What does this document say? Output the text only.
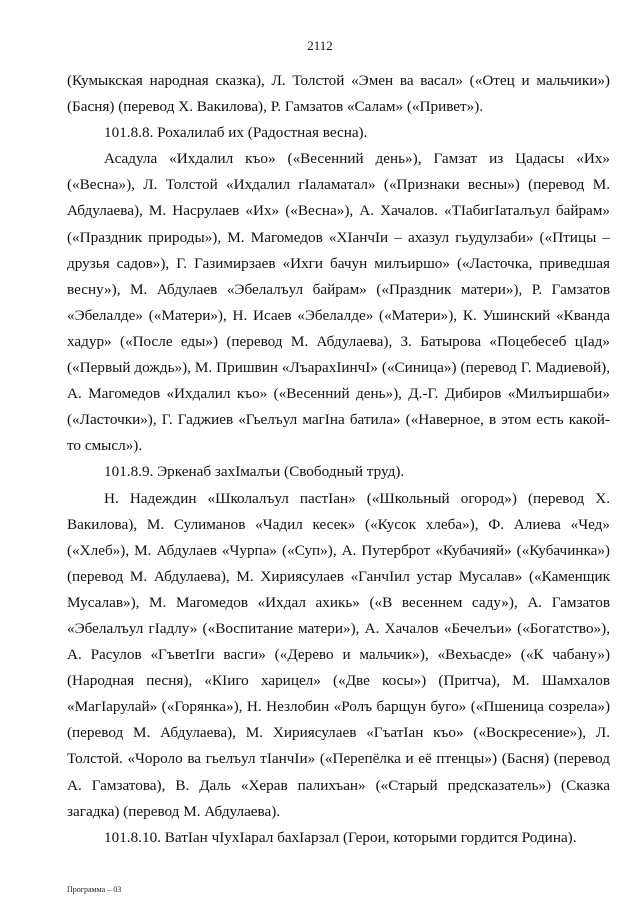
2112

(Кумыкская народная сказка), Л. Толстой «Эмен ва васал» («Отец и мальчики») (Басня) (перевод Х. Вакилова), Р. Гамзатов «Салам» («Привет»).

101.8.8. Рохалилаб их (Радостная весна).

Асадула «Ихдалил къо» («Весенний день»), Гамзат из Цадасы «Их» («Весна»), Л. Толстой «Ихдалил гIаламатал» («Признаки весны») (перевод М. Абдулаева), М. Насрулаев «Их» («Весна»), А. Хачалов. «ТIабигIаталъул байрам» («Праздник природы»), М. Магомедов «ХIанчIи – ахазул гьудулзаби» («Птицы – друзья садов»), Г. Газимирзаев «Ихги бачун милъиршо» («Ласточка, приведшая весну»), М. Абдулаев «Эбелалъул байрам» («Праздник матери»), Р. Гамзатов «Эбелалде» («Матери»), Н. Исаев «Эбелалде» («Матери»), К. Ушинский «Кванда хадур» («После еды») (перевод М. Абдулаева), З. Батырова «Поцебесеб цIад» («Первый дождь»), М. Пришвин «ЛъарахIинчI» («Синица») (перевод Г. Мадиевой), А. Магомедов «Ихдалил къо» («Весенний день»), Д.-Г. Дибиров «Милъиршаби» («Ласточки»), Г. Гаджиев «Гьелъул магIна батила» («Наверное, в этом есть какой-то смысл»).

101.8.9. Эркенаб захIмалъи (Свободный труд).

Н. Надеждин «Школалъул пастIан» («Школьный огород») (перевод Х. Вакилова), М. Сулиманов «Чадил кесек» («Кусок хлеба»), Ф. Алиева «Чед» («Хлеб»), М. Абдулаев «Чурпа» («Суп»), А. Путерброт «Кубачияй» («Кубачинка») (перевод М. Абдулаева), М. Хириясулаев «ГанчIил устар Мусалав» («Каменщик Мусалав»), М. Магомедов «Ихдал ахикь» («В весеннем саду»), А. Гамзатов «Эбелалъул гIадлу» («Воспитание матери»), А. Хачалов «Бечелъи» («Богатство»), А. Расулов «ГъветIги васги» («Дерево и мальчик»), «Вехьасде» («К чабану») (Народная песня), «КIиго харицел» («Две косы») (Притча), М. Шамхалов «МагIарулай» («Горянка»), Н. Незлобин «Ролъ барщун буго» («Пшеница созрела») (перевод М. Абдулаева), М. Хириясулаев «ГъатIан къо» («Воскресение»), Л. Толстой. «Чороло ва гьелъул тIанчIи» («Перепёлка и её птенцы») (Басня) (перевод А. Гамзатова), В. Даль «Херав палихъан» («Старый предсказатель») (Сказка загадка) (перевод М. Абдулаева).

101.8.10. ВатIан чIухIарал бахIарзал (Герои, которыми гордится Родина).

Программа – 03
